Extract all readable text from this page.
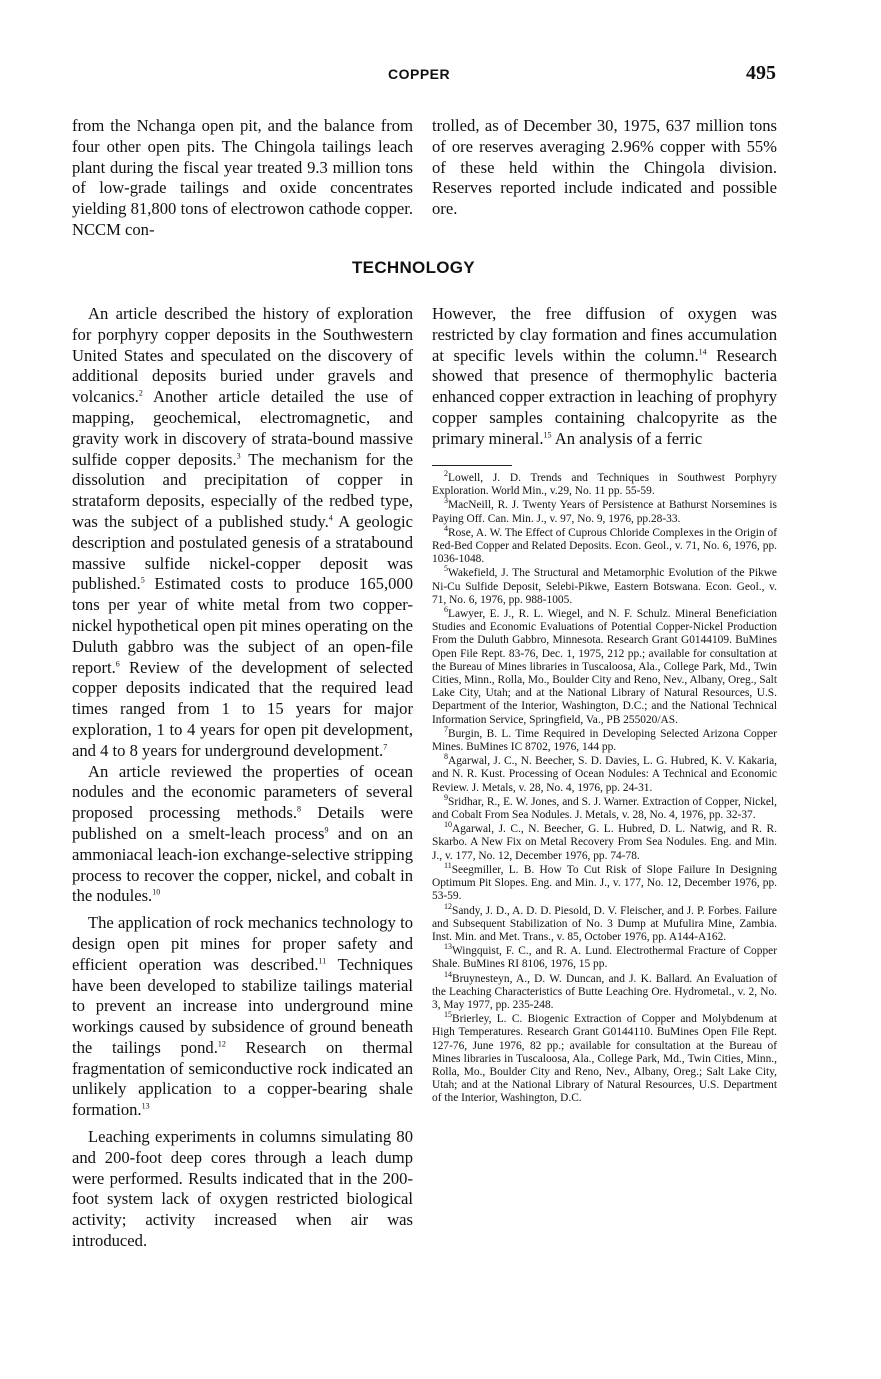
COPPER	495

from the Nchanga open pit, and the balance from four other open pits. The Chingola tailings leach plant during the fiscal year treated 9.3 million tons of low-grade tailings and oxide concentrates yielding 81,800 tons of electrowon cathode copper. NCCM con-

trolled, as of December 30, 1975, 637 million tons of ore reserves averaging 2.96% copper with 55% of these held within the Chingola division. Reserves reported include indicated and possible ore.

TECHNOLOGY

An article described the history of exploration for porphyry copper deposits in the Southwestern United States and speculated on the discovery of additional deposits buried under gravels and volcanics.$^2$ Another article detailed the use of mapping, geochemical, electromagnetic, and gravity work in discovery of strata-bound massive sulfide copper deposits.$^3$ The mechanism for the dissolution and precipitation of copper in strataform deposits, especially of the redbed type, was the subject of a published study.$^4$ A geologic description and postulated genesis of a stratabound massive sulfide nickel-copper deposit was published.$^5$ Estimated costs to produce 165,000 tons per year of white metal from two copper-nickel hypothetical open pit mines operating on the Duluth gabbro was the subject of an open-file report.$^6$ Review of the development of selected copper deposits indicated that the required lead times ranged from 1 to 15 years for major exploration, 1 to 4 years for open pit development, and 4 to 8 years for underground development.$^7$

An article reviewed the properties of ocean nodules and the economic parameters of several proposed processing methods.$^8$ Details were published on a smelt-leach process$^9$ and on an ammoniacal leach-ion exchange-selective stripping process to recover the copper, nickel, and cobalt in the nodules.$^{10}$

The application of rock mechanics technology to design open pit mines for proper safety and efficient operation was described.$^{11}$ Techniques have been developed to stabilize tailings material to prevent an increase into underground mine workings caused by subsidence of ground beneath the tailings pond.$^{12}$ Research on thermal fragmentation of semiconductive rock indicated an unlikely application to a copper-bearing shale formation.$^{13}$

Leaching experiments in columns simulating 80 and 200-foot deep cores through a leach dump were performed. Results indicated that in the 200-foot system lack of oxygen restricted biological activity; activity increased when air was introduced.

However, the free diffusion of oxygen was restricted by clay formation and fines accumulation at specific levels within the column.$^{14}$ Research showed that presence of thermophylic bacteria enhanced copper extraction in leaching of prophyry copper samples containing chalcopyrite as the primary mineral.$^{15}$ An analysis of a ferric

$^2$Lowell, J. D. Trends and Techniques in Southwest Porphyry Exploration. World Min., v.29, No. 11 pp. 55-59.

$^3$MacNeill, R. J. Twenty Years of Persistence at Bathurst Norsemines is Paying Off. Can. Min. J., v. 97, No. 9, 1976, pp.28-33.

$^4$Rose, A. W. The Effect of Cuprous Chloride Complexes in the Origin of Red-Bed Copper and Related Deposits. Econ. Geol., v. 71, No. 6, 1976, pp. 1036-1048.

$^5$Wakefield, J. The Structural and Metamorphic Evolution of the Pikwe Ni-Cu Sulfide Deposit, Selebi-Pikwe, Eastern Botswana. Econ. Geol., v. 71, No. 6, 1976, pp. 988-1005.

$^6$Lawyer, E. J., R. L. Wiegel, and N. F. Schulz. Mineral Beneficiation Studies and Economic Evaluations of Potential Copper-Nickel Production From the Duluth Gabbro, Minnesota. Research Grant G0144109. BuMines Open File Rept. 83-76, Dec. 1, 1975, 212 pp.; available for consultation at the Bureau of Mines libraries in Tuscaloosa, Ala., College Park, Md., Twin Cities, Minn., Rolla, Mo., Boulder City and Reno, Nev., Albany, Oreg., Salt Lake City, Utah; and at the National Library of Natural Resources, U.S. Department of the Interior, Washington, D.C.; and the National Technical Information Service, Springfield, Va., PB 255020/AS.

$^7$Burgin, B. L. Time Required in Developing Selected Arizona Copper Mines. BuMines IC 8702, 1976, 144 pp.

$^8$Agarwal, J. C., N. Beecher, S. D. Davies, L. G. Hubred, K. V. Kakaria, and N. R. Kust. Processing of Ocean Nodules: A Technical and Economic Review. J. Metals, v. 28, No. 4, 1976, pp. 24-31.

$^9$Sridhar, R., E. W. Jones, and S. J. Warner. Extraction of Copper, Nickel, and Cobalt From Sea Nodules. J. Metals, v. 28, No. 4, 1976, pp. 32-37.

$^{10}$Agarwal, J. C., N. Beecher, G. L. Hubred, D. L. Natwig, and R. R. Skarbo. A New Fix on Metal Recovery From Sea Nodules. Eng. and Min. J., v. 177, No. 12, December 1976, pp. 74-78.

$^{11}$Seegmiller, L. B. How To Cut Risk of Slope Failure In Designing Optimum Pit Slopes. Eng. and Min. J., v. 177, No. 12, December 1976, pp. 53-59.

$^{12}$Sandy, J. D., A. D. D. Piesold, D. V. Fleischer, and J. P. Forbes. Failure and Subsequent Stabilization of No. 3 Dump at Mufulira Mine, Zambia. Inst. Min. and Met. Trans., v. 85, October 1976, pp. A144-A162.

$^{13}$Wingquist, F. C., and R. A. Lund. Electrothermal Fracture of Copper Shale. BuMines RI 8106, 1976, 15 pp.

$^{14}$Bruynesteyn, A., D. W. Duncan, and J. K. Ballard. An Evaluation of the Leaching Characteristics of Butte Leaching Ore. Hydrometal., v. 2, No. 3, May 1977, pp. 235-248.

$^{15}$Brierley, L. C. Biogenic Extraction of Copper and Molybdenum at High Temperatures. Research Grant G0144110. BuMines Open File Rept. 127-76, June 1976, 82 pp.; available for consultation at the Bureau of Mines libraries in Tuscaloosa, Ala., College Park, Md., Twin Cities, Minn., Rolla, Mo., Boulder City and Reno, Nev., Albany, Oreg.; Salt Lake City, Utah; and at the National Library of Natural Resources, U.S. Department of the Interior, Washington, D.C.
